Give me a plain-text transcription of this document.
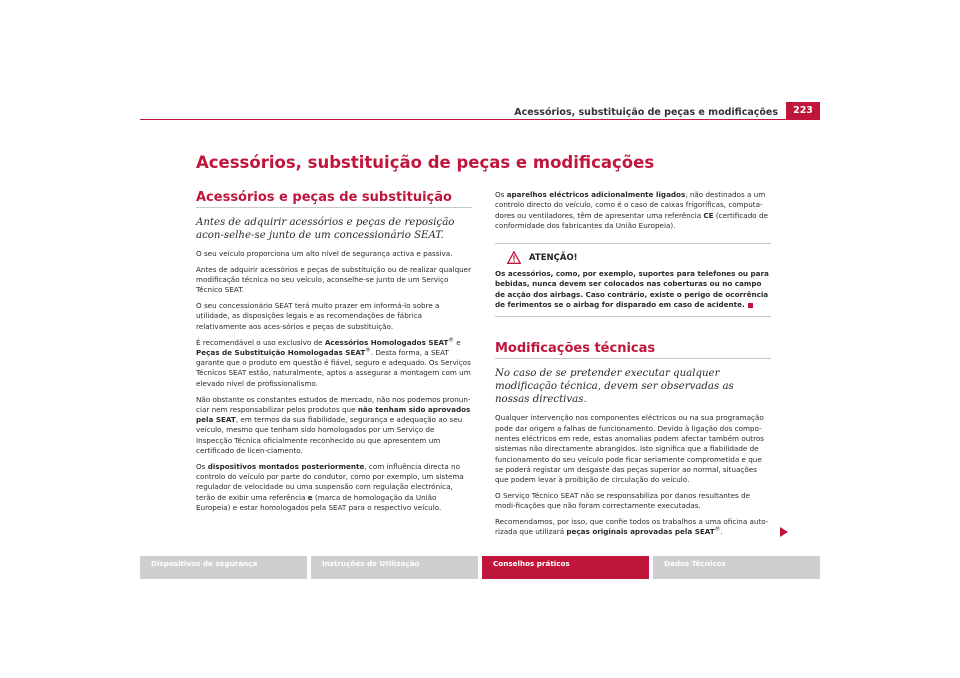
Acessórios, substituição de peças e modificações	223
Acessórios, substituição de peças e modificações
Acessórios e peças de substituição
Antes de adquirir acessórios e peças de reposição acon-selhe-se junto de um concessionário SEAT.

O seu veículo proporciona um alto nível de segurança activa e passiva.

Antes de adquirir acessórios e peças de substituição ou de realizar qualquer modificação técnica no seu veículo, aconselhe-se junto de um Serviço Técnico SEAT.

O seu concessionário SEAT terá muito prazer em informá-lo sobre a utilidade, as disposições legais e as recomendações de fábrica relativamente aos aces-sórios e peças de substituição.

É recomendável o uso exclusivo de Acessórios Homologados SEAT® e Peças de Substituição Homologadas SEAT®. Desta forma, a SEAT garante que o produto em questão é fiável, seguro e adequado. Os Serviços Técnicos SEAT estão, naturalmente, aptos a assegurar a montagem com um elevado nível de profissionalismo.

Não obstante os constantes estudos de mercado, não nos podemos pronun-ciar nem responsabilizar pelos produtos que não tenham sido aprovados pela SEAT, em termos da sua fiabilidade, segurança e adequação ao seu veículo, mesmo que tenham sido homologados por um Serviço de Inspecção Técnica oficialmente reconhecido ou que apresentem um certificado de licen-ciamento.

Os dispositivos montados posteriormente, com influência directa no controlo do veículo por parte do condutor, como por exemplo, um sistema regulador de velocidade ou uma suspensão com regulação electrónica, terão de exibir uma referência e (marca de homologação da União Europeia) e estar homologados pela SEAT para o respectivo veículo.

Os aparelhos eléctricos adicionalmente ligados, não destinados a um controlo directo do veículo, como é o caso de caixas frigoríficas, computa-dores ou ventiladores, têm de apresentar uma referência CE (certificado de conformidade dos fabricantes da União Europeia).

ATENÇÃO!

Os acessórios, como, por exemplo, suportes para telefones ou para bebidas, nunca devem ser colocados nas coberturas ou no campo de acção dos airbags. Caso contrário, existe o perigo de ocorrência de ferimentos se o airbag for disparado em caso de acidente.

Modificações técnicas
No caso de se pretender executar qualquer modificação técnica, devem ser observadas as nossas directivas.

Qualquer intervenção nos componentes eléctricos ou na sua programação pode dar origem a falhas de funcionamento. Devido à ligação dos compo-nentes eléctricos em rede, estas anomalias podem afectar também outros sistemas não directamente abrangidos. Isto significa que a fiabilidade de funcionamento do seu veículo pode ficar seriamente comprometida e que se poderá registar um desgaste das peças superior ao normal, situações que podem levar à proibição de circulação do veículo.

O Serviço Técnico SEAT não se responsabiliza por danos resultantes de modi-ficações que não foram correctamente executadas.

Recomendamos, por isso, que confie todos os trabalhos a uma oficina auto-rizada que utilizará peças originais aprovadas pela SEAT®.

Dispositivos de segurança	Instruções de Utilização	Conselhos práticos	Dados Técnicos
